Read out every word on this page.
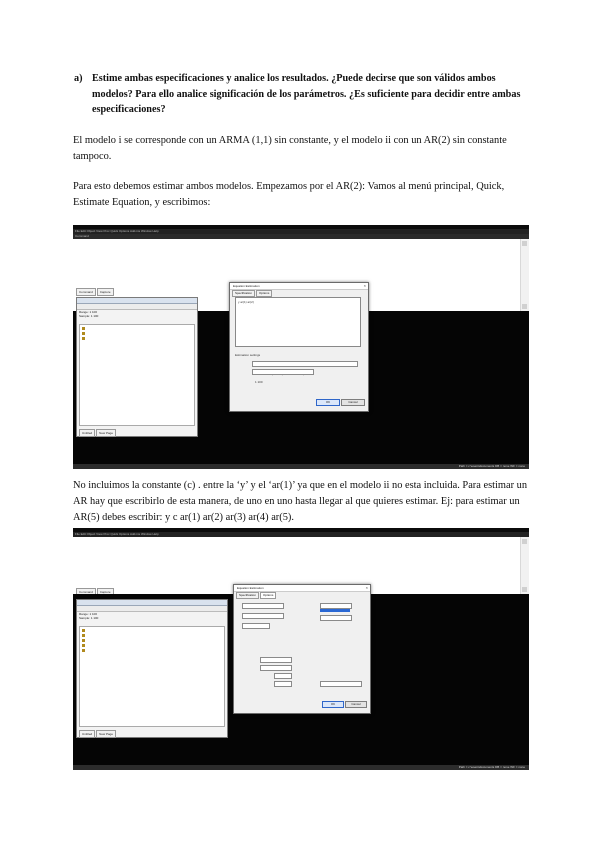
a) Estime ambas especificaciones y analice los resultados. ¿Puede decirse que son válidos ambos modelos? Para ello analice significación de los parámetros. ¿Es suficiente para decidir entre ambas especificaciones?
El modelo i se corresponde con un ARMA (1,1) sin constante, y el modelo ii con un AR(2) sin constante tampoco.
Para esto debemos estimar ambos modelos. Empezamos por el AR(2): Vamos al menú principal, Quick, Estimate Equation, y escribimos:
File Edit Object View Proc Quick Options Add-ins Window Help
Command
Command Capture
Range: 1 100
Sample: 1 100
Untitled New Page
Equation Estimation	×
Specification Options
y ar(1) ar(2)
Estimation settings
1 100
OK	Cancel
Path = c:\users\documents DB = none WF = none
No incluimos la constante (c) . entre la ‘y’ y el ‘ar(1)’ ya que en el modelo ii no esta incluida. Para estimar un AR hay que escribirlo de esta manera, de uno en uno hasta llegar al que quieres estimar. Ej: para estimar un AR(5) debes escribir: y c ar(1) ar(2) ar(3) ar(4) ar(5).
File Edit Object View Proc Quick Options Add-ins Window Help
Command Capture
Range: 1 100
Sample: 1 100
Untitled New Page
Equation Estimation	×
Specification Options
OK	Cancel
Path = c:\users\documents DB = none WF = none
